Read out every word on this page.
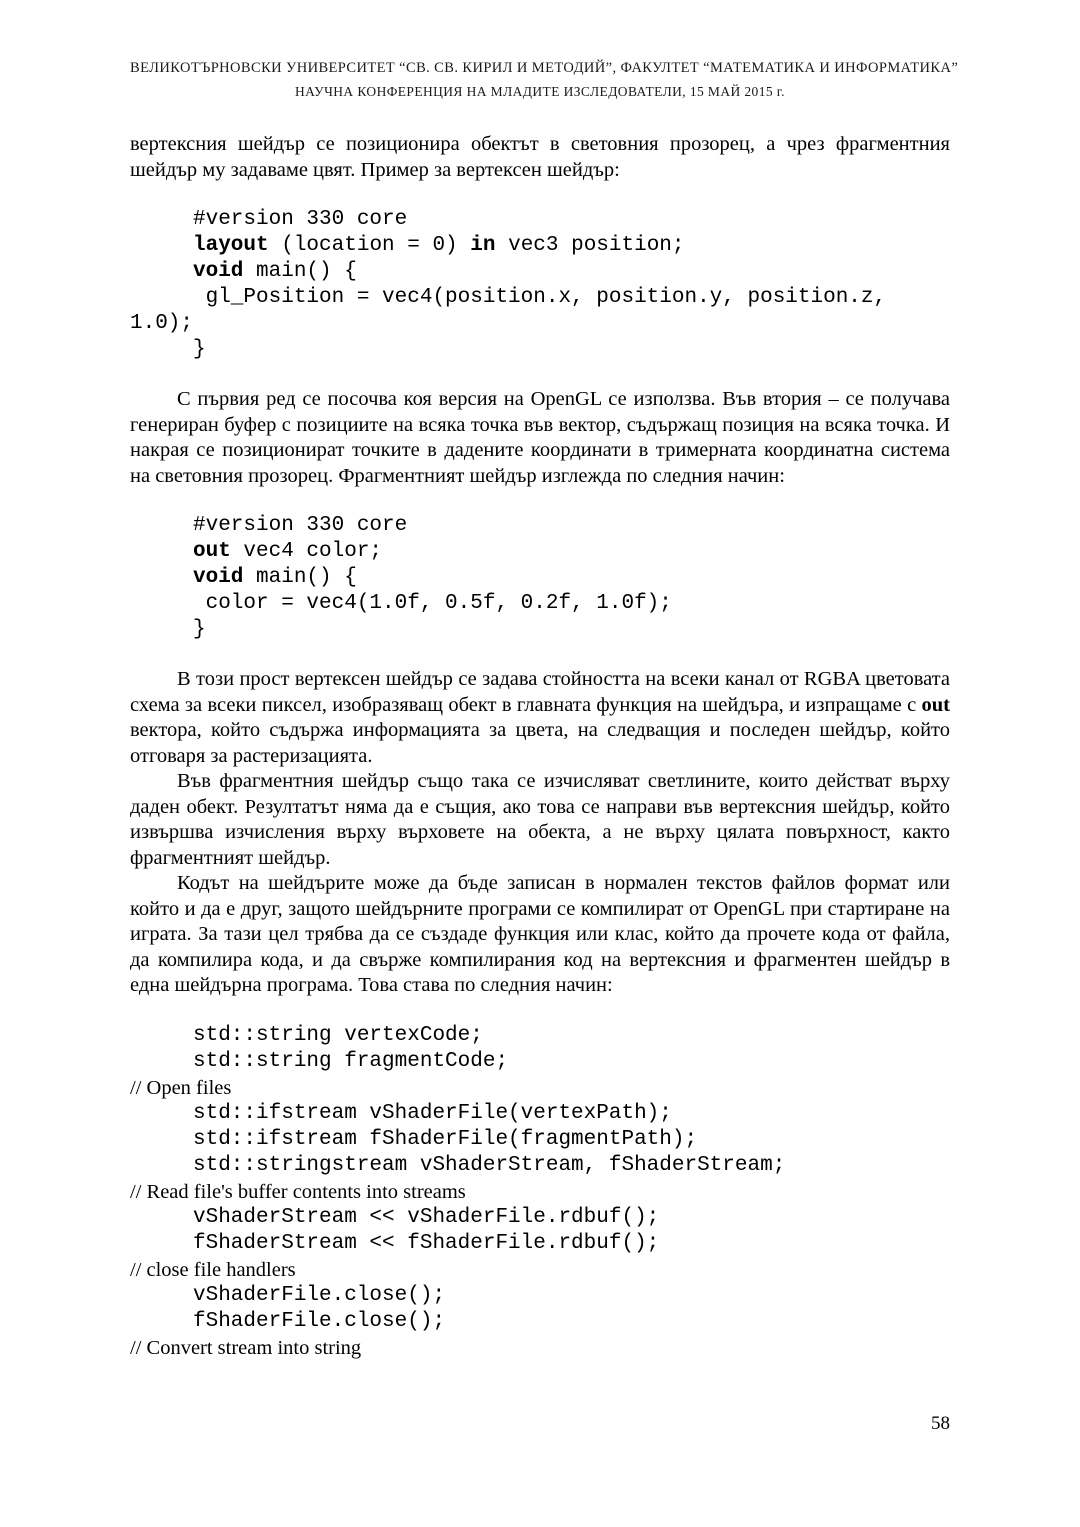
ВЕЛИКОТЪРНОВСКИ УНИВЕРСИТЕТ “СВ. СВ. КИРИЛ И МЕТОДИЙ”, ФАКУЛТЕТ “МАТЕМАТИКА И ИНФОРМАТИКА”
НАУЧНА КОНФЕРЕНЦИЯ НА МЛАДИТЕ ИЗСЛЕДОВАТЕЛИ, 15 МАЙ 2015 г.

вертексния шейдър се позиционира обектът в световния прозорец, а чрез фрагментния шейдър му задаваме цвят. Пример за вертексен шейдър:

#version 330 core
layout (location = 0) in vec3 position;
void main() {
gl_Position = vec4(position.x, position.y, position.z,
1.0);
}

С първия ред се посочва коя версия на OpenGL се използва. Във втория – се получава генериран буфер с позициите на всяка точка във вектор, съдържащ позиция на всяка точка. И накрая се позиционират точките в дадените координати в тримерната координатна система на световния прозорец. Фрагментният шейдър изглежда по следния начин:

#version 330 core
out vec4 color;
void main() {
color = vec4(1.0f, 0.5f, 0.2f, 1.0f);
}

В този прост вертексен шейдър се задава стойността на всеки канал от RGBA цветовата схема за всеки пиксел, изобразяващ обект в главната функция на шейдъра, и изпращаме с out вектора, който съдържа информацията за цвета, на следващия и последен шейдър, който отговаря за растеризацията.

Във фрагментния шейдър също така се изчисляват светлините, които действат върху даден обект. Резултатът няма да е същия, ако това се направи във вертексния шейдър, който извършва изчисления върху върховете на обекта, а не върху цялата повърхност, както фрагментният шейдър.

Кодът на шейдърите може да бъде записан в нормален текстов файлов формат или който и да е друг, защото шейдърните програми се компилират от OpenGL при стартиране на играта. За тази цел трябва да се създаде функция или клас, който да прочете кода от файла, да компилира кода, и да свърже компилирания код на вертексния и фрагментен шейдър в една шейдърна програма. Това става по следния начин:

std::string vertexCode;
std::string fragmentCode;
// Open files
std::ifstream vShaderFile(vertexPath);
std::ifstream fShaderFile(fragmentPath);
std::stringstream vShaderStream, fShaderStream;
// Read file's buffer contents into streams
vShaderStream << vShaderFile.rdbuf();
fShaderStream << fShaderFile.rdbuf();
// close file handlers
vShaderFile.close();
fShaderFile.close();
// Convert stream into string
58
